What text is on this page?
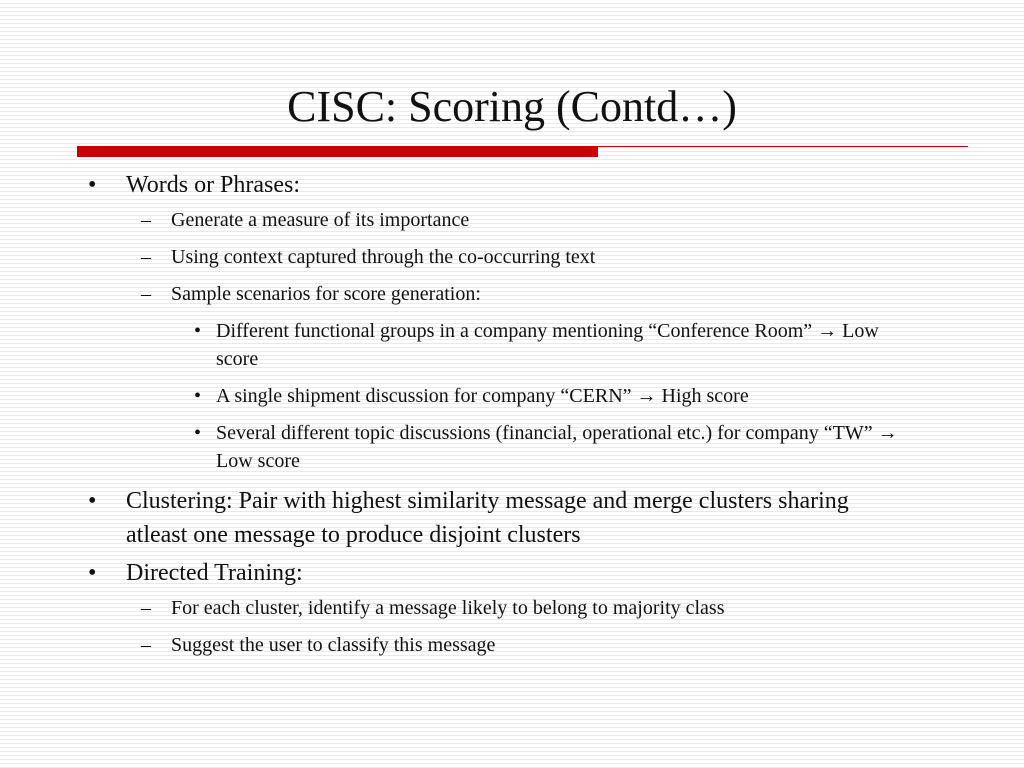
CISC: Scoring (Contd…)
• Words or Phrases:
– Generate a measure of its importance
– Using context captured through the co-occurring text
– Sample scenarios for score generation:
• Different functional groups in a company mentioning “Conference Room” → Low score
• A single shipment discussion for company “CERN” → High score
• Several different topic discussions (financial, operational etc.) for company “TW” → Low score
• Clustering: Pair with highest similarity message and merge clusters sharing atleast one message to produce disjoint clusters
• Directed Training:
– For each cluster, identify a message likely to belong to majority class
– Suggest the user to classify this message
